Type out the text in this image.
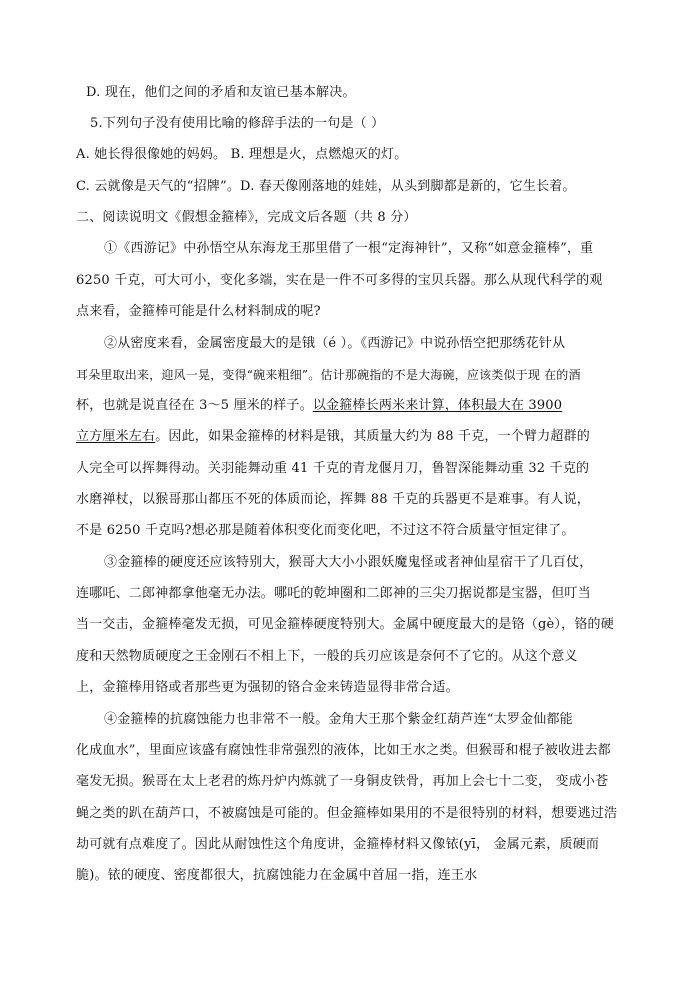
D. 现在，他们之间的矛盾和友谊已基本解决。
5.下列句子没有使用比喻的修辞手法的一句是（ ）
A. 她长得很像她的妈妈。 B. 理想是火，点燃熄灭的灯。
C. 云就像是天气的“招牌”。D. 春天像刚落地的娃娃，从头到脚都是新的，它生长着。
二、阅读说明文《假想金箍棒》，完成文后各题（共 8 分）
①《西游记》中孙悟空从东海龙王那里借了一根“定海神针”，又称“如意金箍棒”，重
6250 千克，可大可小，变化多端，实在是一件不可多得的宝贝兵器。那么从现代科学的观
点来看，金箍棒可能是什么材料制成的呢?
②从密度来看，金属密度最大的是锇（é ）。《西游记》中说孙悟空把那绣花针从
耳朵里取出来，迎风一晃，变得“碗来粗细”。估计那碗指的不是大海碗，应该类似于现 在的酒
杯，也就是说直径在 3～5 厘米的样子。以金箍棒长两米来计算，体积最大在 3900
立方厘米左右。因此，如果金箍棒的材料是锇，其质量大约为 88 千克，一个臂力超群的
人完全可以挥舞得动。关羽能舞动重 41 千克的青龙偃月刀，鲁智深能舞动重 32 千克的
水磨禅杖，以猴哥那山都压不死的体质而论，挥舞 88 千克的兵器更不是难事。有人说，
不是 6250 千克吗?想必那是随着体积变化而变化吧，不过这不符合质量守恒定律了。
③金箍棒的硬度还应该特别大，猴哥大大小小跟妖魔鬼怪或者神仙星宿干了几百仗，
连哪吒、二郎神都拿他毫无办法。哪吒的乾坤圈和二郎神的三尖刀据说都是宝器，但叮当
当一交击，金箍棒毫发无损，可见金箍棒硬度特别大。金属中硬度最大的是铬（gè），铬的硬
度和天然物质硬度之王金刚石不相上下，一般的兵刃应该是奈何不了它的。从这个意义
上，金箍棒用铬或者那些更为强韧的铬合金来铸造显得非常合适。
④金箍棒的抗腐蚀能力也非常不一般。金角大王那个紫金红葫芦连“太罗金仙都能
化成血水”，里面应该盛有腐蚀性非常强烈的液体，比如王水之类。但猴哥和棍子被收进去都
毫发无损。猴哥在太上老君的炼丹炉内炼就了一身铜皮铁骨，再加上会七十二变， 变成小苍
蝇之类的趴在葫芦口，不被腐蚀是可能的。但金箍棒如果用的不是很特别的材料，想要逃过浩
劫可就有点难度了。因此从耐蚀性这个角度讲，金箍棒材料又像铱(yī， 金属元素，质硬而
脆)。铱的硬度、密度都很大，抗腐蚀能力在金属中首屈一指，连王水
